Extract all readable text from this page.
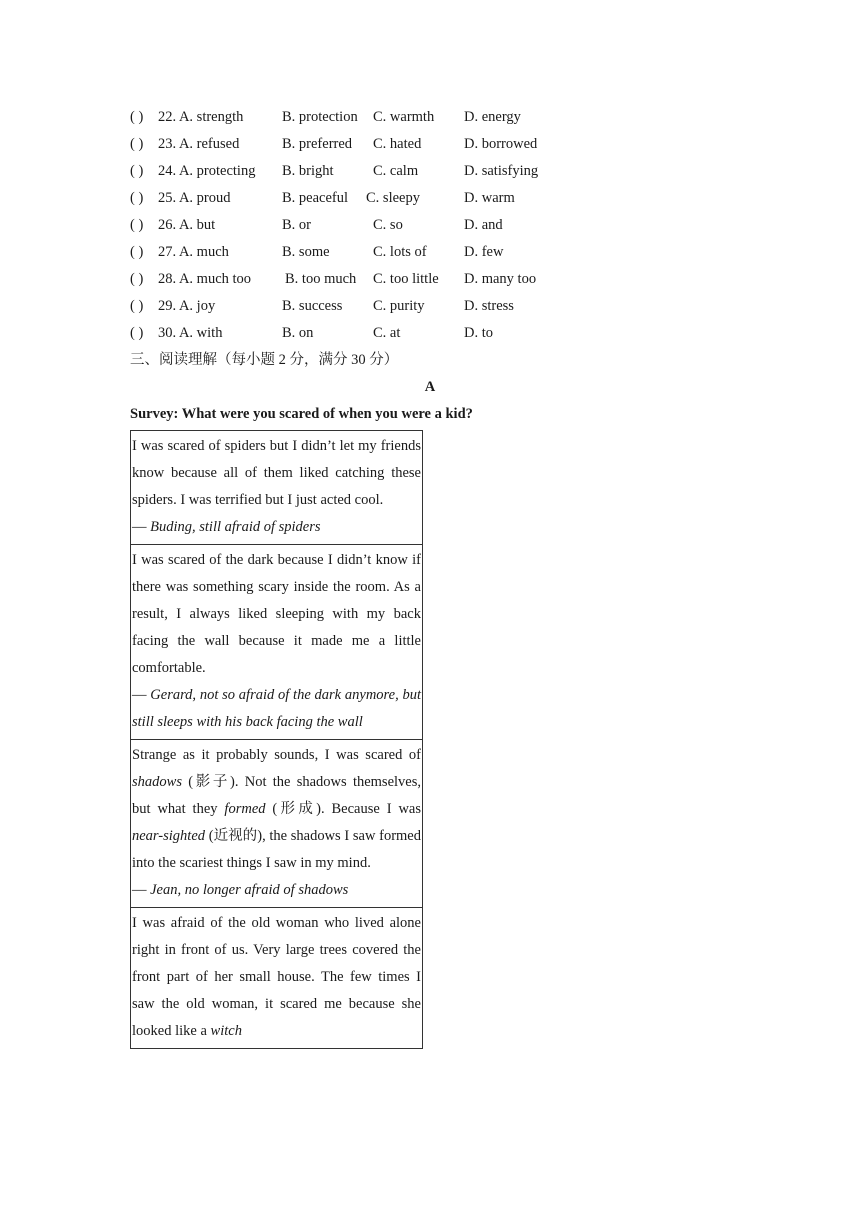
( ) 22. A. strength	B. protection C. warmth D. energy
( ) 23. A. refused	B. preferred C. hated	D. borrowed
( ) 24. A. protecting B. bright	C. calm	D. satisfying
( ) 25. A. proud	B. peaceful C. sleepy	D. warm
( ) 26. A. but	B. or	C. so	D. and
( ) 27. A. much	B. some	C. lots of	D. few
( ) 28. A. much too B. too much C. too little D. many too
( ) 29. A. joy	B. success C. purity	D. stress
( ) 30. A. with	B. on	C. at	D. to
三、阅读理解（每小题 2 分，满分 30 分）
A
Survey: What were you scared of when you were a kid?

I was scared of spiders but I didn’t let my friends know because all of them liked catching these spiders. I was terrified but I just acted cool.

— Buding, still afraid of spiders

I was scared of the dark because I didn’t know if there was something scary inside the room. As a result, I always liked sleeping with my back facing the wall because it made me a little comfortable.

— Gerard, not so afraid of the dark anymore, but still sleeps with his back facing the wall

Strange as it probably sounds, I was scared of shadows (影子). Not the shadows themselves, but what they formed (形成). Because I was near-sighted (近视的), the shadows I saw formed into the scariest things I saw in my mind.

— Jean, no longer afraid of shadows

I was afraid of the old woman who lived alone right in front of us. Very large trees covered the front part of her small house. The few times I saw the old woman, it scared me because she looked like a witch
